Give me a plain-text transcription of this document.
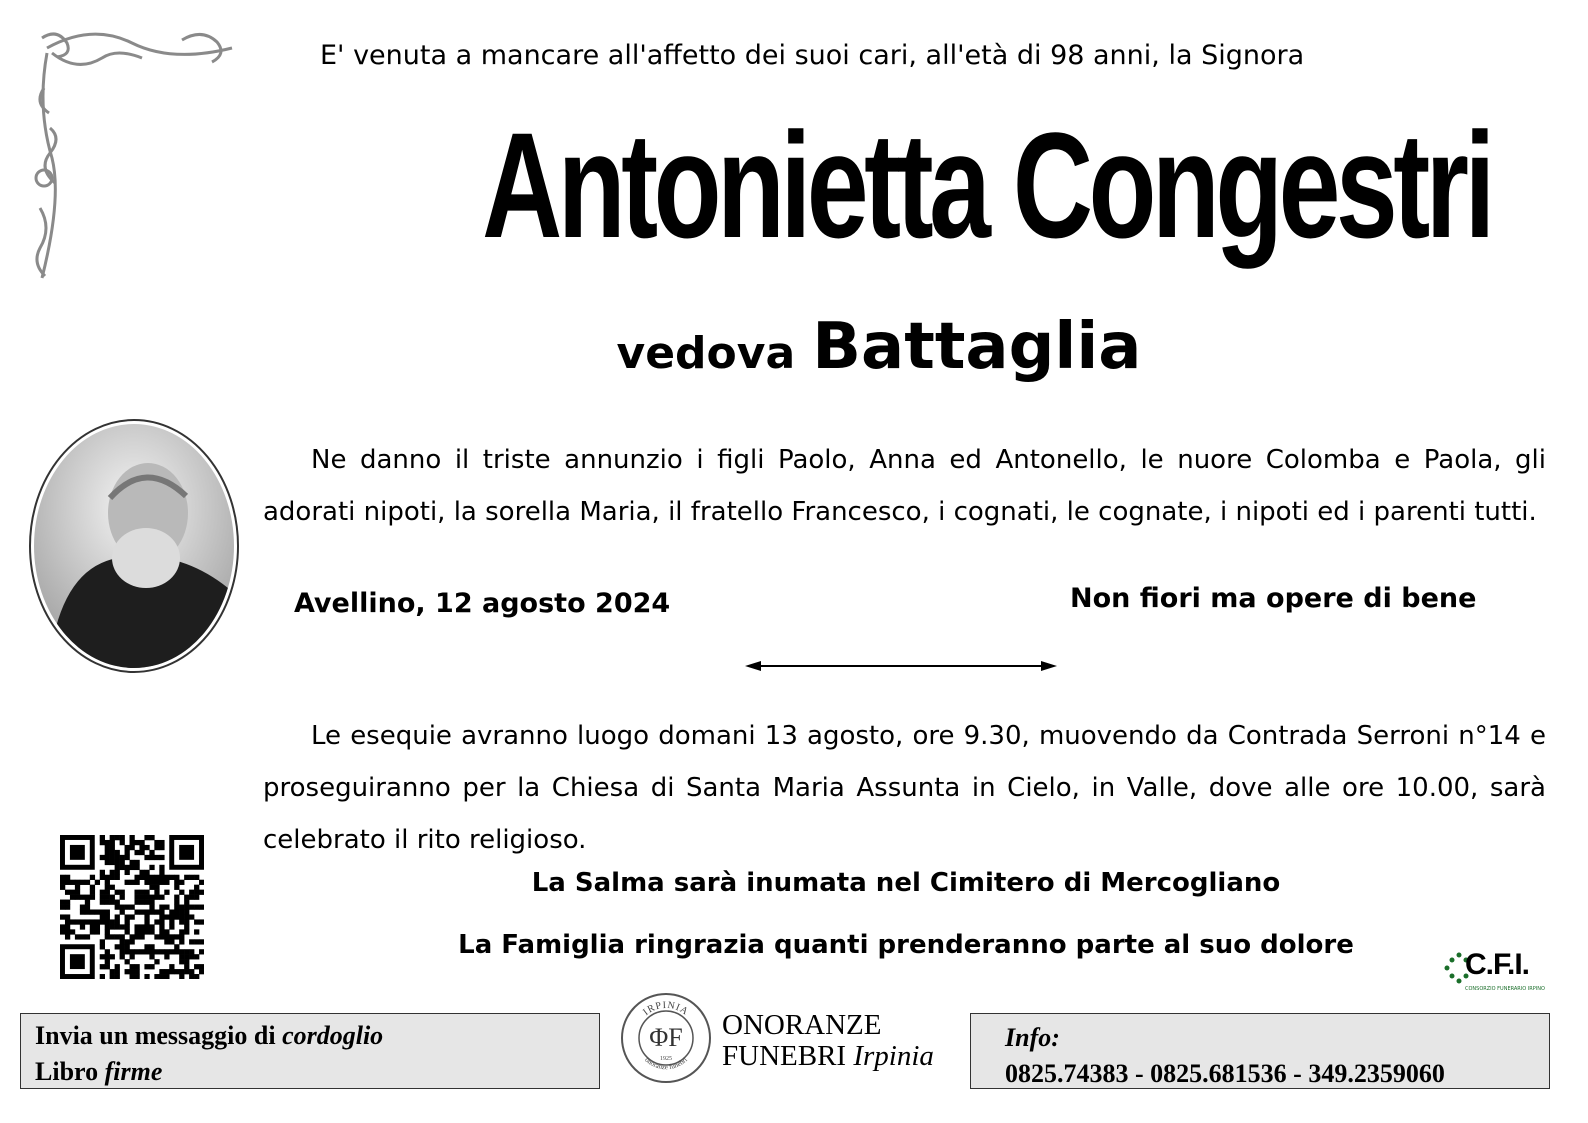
E' venuta a mancare all'affetto dei suoi cari, all'età di 98 anni, la Signora
Antonietta Congestri
vedova Battaglia
Ne danno il triste annunzio i figli Paolo, Anna ed Antonello, le nuore Colomba e Paola, gli adorati nipoti, la sorella Maria, il fratello Francesco, i cognati, le cognate, i nipoti ed i parenti tutti.
Avellino, 12 agosto 2024	Non fiori ma opere di bene
Le esequie avranno luogo domani 13 agosto, ore 9.30, muovendo da Contrada Serroni n°14 e proseguiranno per la Chiesa di Santa Maria Assunta in Cielo, in Valle, dove alle ore 10.00, sarà celebrato il rito religioso.
La Salma sarà inumata nel Cimitero di Mercogliano
La Famiglia ringrazia quanti prenderanno parte al suo dolore
C.F.I.
CONSORZIO FUNERARIO IRPINO
Invia un messaggio di cordoglio
Libro firme
IRPINIA
onoranze funebri
ΦF
1925
ONORANZE
FUNEBRI Irpinia
Info:
0825.74383 - 0825.681536 - 349.2359060
